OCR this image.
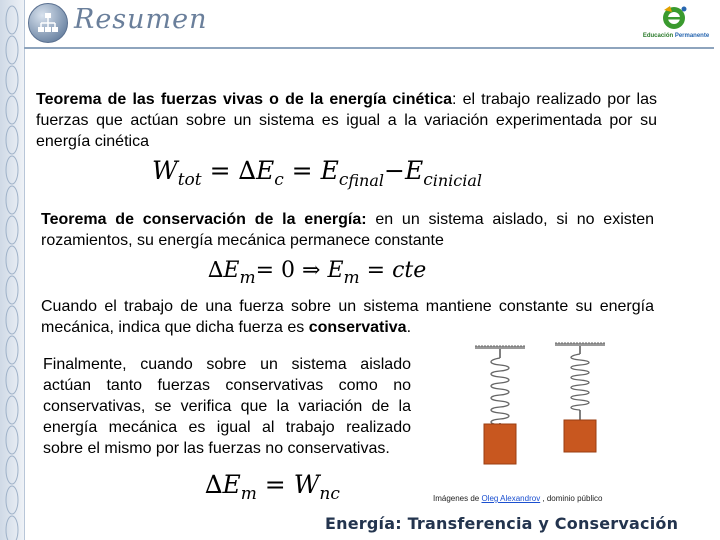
Resumen
Educación Permanente
Teorema de las fuerzas vivas o de la energía cinética: el trabajo realizado por las fuerzas que actúan sobre un sistema es igual a la variación experimentada por su energía cinética
$W_{tot} = \Delta E_c = E_{cfinal}-E_{cinicial}$
Teorema de conservación de la energía: en un sistema aislado, si no existen rozamientos, su energía mecánica permanece constante
$\Delta E_m= 0$ ⇒ $E_m$ = cte
Cuando el trabajo de una fuerza sobre un sistema mantiene constante su energía mecánica, indica que dicha fuerza es conservativa.
Finalmente, cuando sobre un sistema aislado actúan tanto fuerzas conservativas como no conservativas, se verifica que la variación de la energía mecánica es igual al trabajo realizado sobre el mismo por las fuerzas no conservativas.
$\Delta E_m = W_{nc}$	Imágenes de Oleg Alexandrov , dominio público
Energía: Transferencia y Conservación
